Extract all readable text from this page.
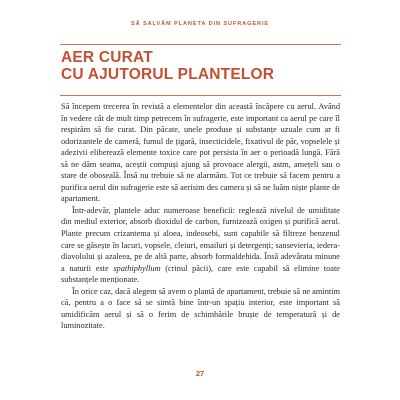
SĂ SALVĂM PLANETA DIN SUFRAGERIE
AER CURAT
CU AJUTORUL PLANTELOR

Să începem trecerea în revistă a elementelor din această încăpere cu aerul. Având în vedere cât de mult timp petrecem în sufragerie, este important ca aerul pe care îl respirăm să fie curat. Din păcate, unele produse și substanțe uzuale cum ar fi odorizantele de cameră, fumul de țigară, insecticidele, fixativul de păr, vopselele și adezivii eliberează elemente toxice care pot persista în aer o perioadă lungă. Fără să ne dăm seama, aceștii compuși ajung să provoace alergii, astm, amețeli sau o stare de oboseală. Însă nu trebuie să ne alarmăm. Tot ce trebuie să facem pentru a purifica aerul din sufragerie este să aerisim des camera și să ne luăm niște plante de apartament.

Într-adevăr, plantele aduc numeroase beneficii: reglează nivelul de umiditate din mediul exterior, absorb dioxidul de carbon, furnizează oxigen și purifică aerul. Plante precum crizantema și aloea, indeosebi, sunt capabile să filtreze benzenul care se găsește în lacuri, vopsele, cleiuri, emailuri și detergenți; sansevieria, iedera-diavolului și azaleea, pe de altă parte, absorb formaldehida. Însă adevărata minune a naturii este spathiphyllum (crinul păcii), care este capabil să elimine toate substanțele menționate.

În orice caz, dacă alegem să avem o plantă de apartament, trebuie să ne amintim că, pentru a o face să se simtă bine într-un spațiu interior, este important să umidificăm aerul și să o ferim de schimbările bruște de temperatură și de luminozitate.

27
